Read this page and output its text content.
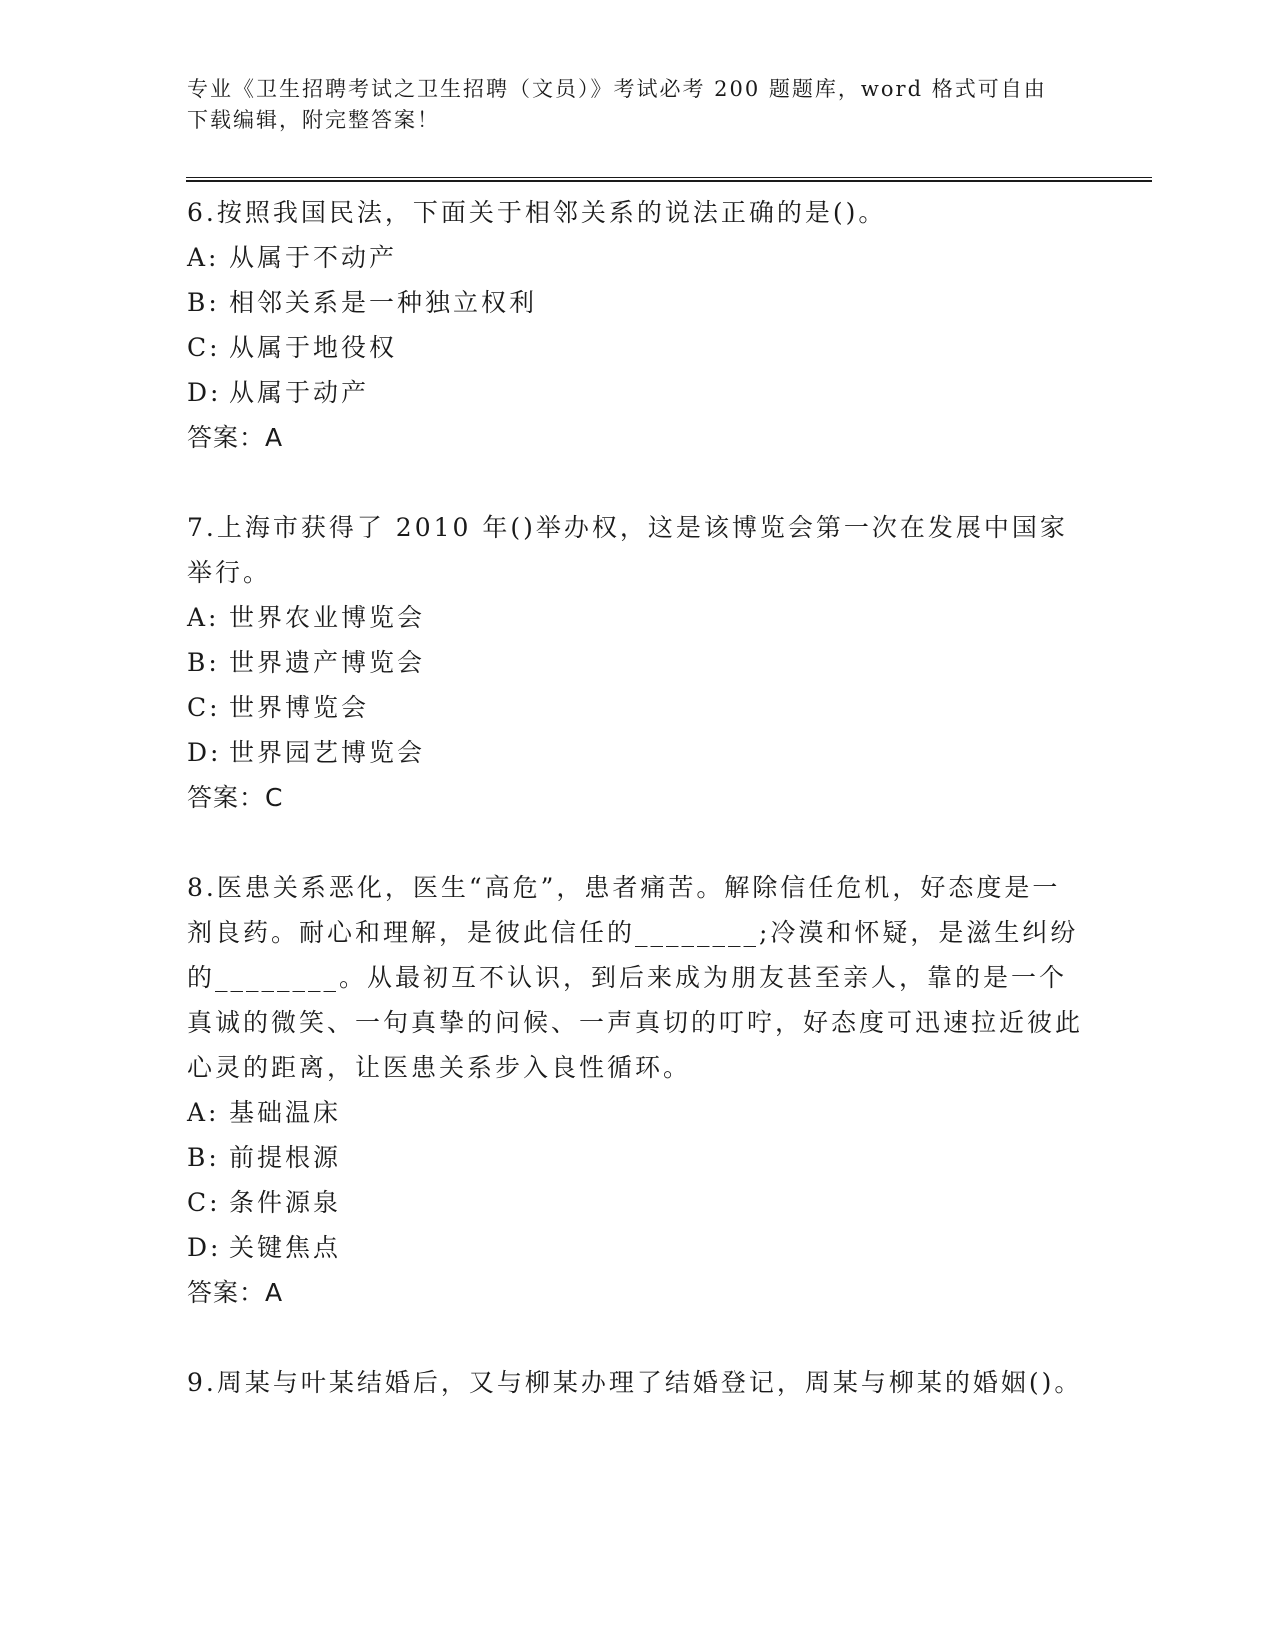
专业《卫生招聘考试之卫生招聘（文员）》考试必考 200 题题库，word 格式可自由下载编辑，附完整答案！
6.按照我国民法，下面关于相邻关系的说法正确的是()。
A: 从属于不动产
B: 相邻关系是一种独立权利
C: 从属于地役权
D: 从属于动产
答案：A
7.上海市获得了 2010 年()举办权，这是该博览会第一次在发展中国家举行。
A: 世界农业博览会
B: 世界遗产博览会
C: 世界博览会
D: 世界园艺博览会
答案：C
8.医患关系恶化，医生“高危”，患者痛苦。解除信任危机，好态度是一剂良药。耐心和理解，是彼此信任的________;冷漠和怀疑，是滋生纠纷的________。从最初互不认识，到后来成为朋友甚至亲人，靠的是一个真诚的微笑、一句真挚的问候、一声真切的叮咛，好态度可迅速拉近彼此心灵的距离，让医患关系步入良性循环。
A: 基础温床
B: 前提根源
C: 条件源泉
D: 关键焦点
答案：A
9.周某与叶某结婚后，又与柳某办理了结婚登记，周某与柳某的婚姻()。
